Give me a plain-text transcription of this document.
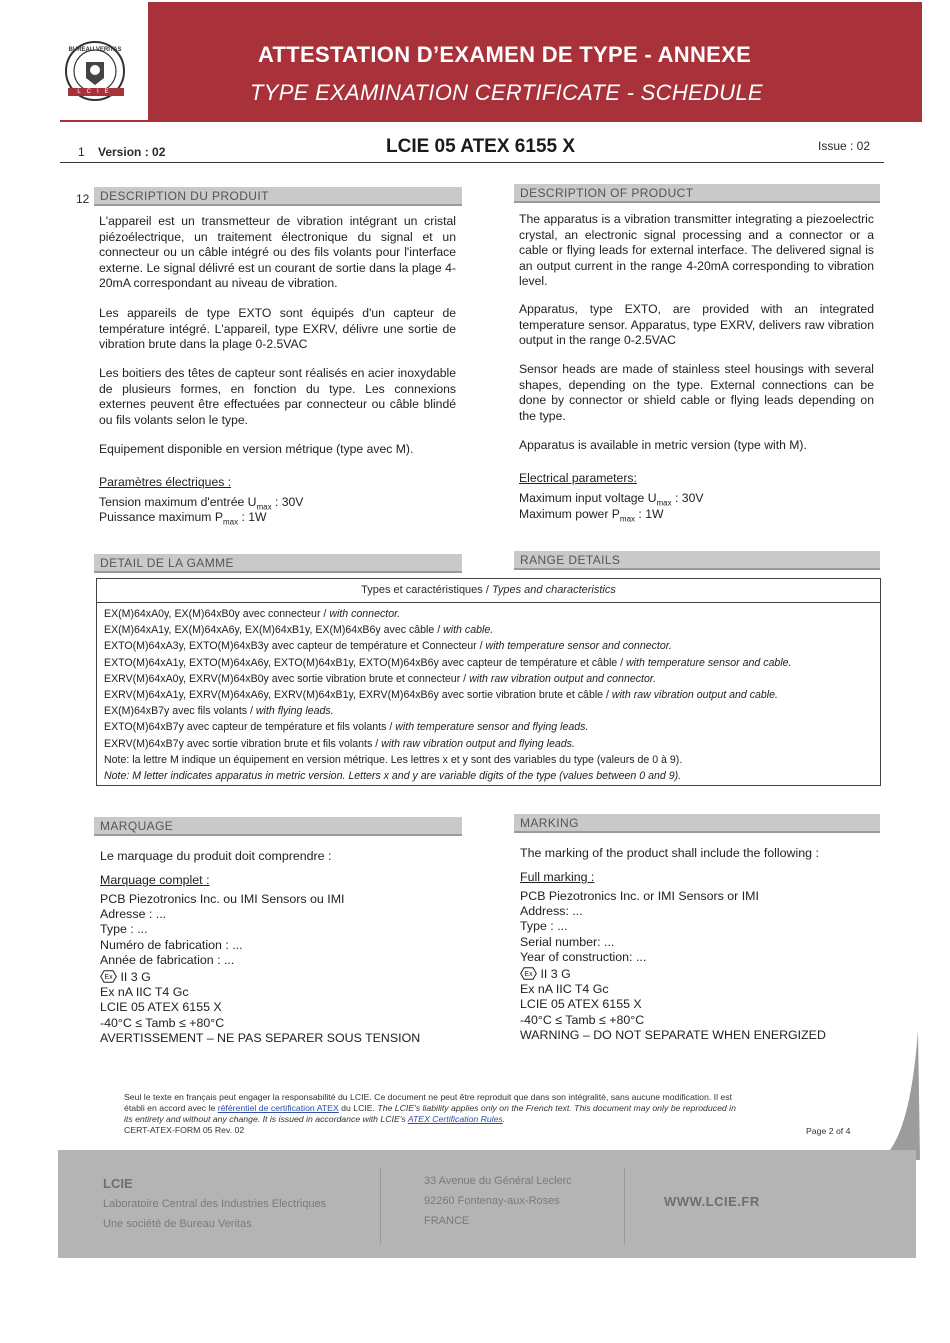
BUREAU VERITAS
LCIE
ATTESTATION D’EXAMEN DE TYPE - ANNEXE
TYPE EXAMINATION CERTIFICATE - SCHEDULE
1 Version : 02	LCIE 05 ATEX 6155 X	Issue : 02
12 DESCRIPTION DU PRODUIT	DESCRIPTION OF PRODUCT
L'appareil est un transmetteur de vibration intégrant un cristal piézoélectrique, un traitement électronique du signal et un connecteur ou un câble intégré ou des fils volants pour l'interface externe. Le signal délivré est un courant de sortie dans la plage 4-20mA correspondant au niveau de vibration.
Les appareils de type EXTO sont équipés d'un capteur de température intégré. L'appareil, type EXRV, délivre une sortie de vibration brute dans la plage 0-2.5VAC
Les boitiers des têtes de capteur sont réalisés en acier inoxydable de plusieurs formes, en fonction du type. Les connexions externes peuvent être effectuées par connecteur ou câble blindé ou fils volants selon le type.
Equipement disponible en version métrique (type avec M).
Paramètres électriques :
Tension maximum d'entrée $U_{max}$ : 30V
Puissance maximum $P_{max}$ : 1W
The apparatus is a vibration transmitter integrating a piezoelectric crystal, an electronic signal processing and a connector or a cable or flying leads for external interface. The delivered signal is an output current in the range 4-20mA corresponding to vibration level.
Apparatus, type EXTO, are provided with an integrated temperature sensor. Apparatus, type EXRV, delivers raw vibration output in the range 0-2.5VAC
Sensor heads are made of stainless steel housings with several shapes, depending on the type. External connections can be done by connector or shield cable or flying leads depending on the type.
Apparatus is available in metric version (type with M).
Electrical parameters:
Maximum input voltage $U_{max}$ : 30V
Maximum power $P_{max}$ : 1W
DETAIL DE LA GAMME	RANGE DETAILS
Types et caractéristiques / Types and characteristics
EX(M)64xA0y, EX(M)64xB0y avec connecteur / with connector.
EX(M)64xA1y, EX(M)64xA6y, EX(M)64xB1y, EX(M)64xB6y avec câble / with cable.
EXTO(M)64xA3y, EXTO(M)64xB3y avec capteur de température et Connecteur / with temperature sensor and connector.
EXTO(M)64xA1y, EXTO(M)64xA6y, EXTO(M)64xB1y, EXTO(M)64xB6y avec capteur de température et câble / with temperature sensor and cable.
EXRV(M)64xA0y, EXRV(M)64xB0y avec sortie vibration brute et connecteur / with raw vibration output and connector.
EXRV(M)64xA1y, EXRV(M)64xA6y, EXRV(M)64xB1y, EXRV(M)64xB6y avec sortie vibration brute et câble / with raw vibration output and cable.
EX(M)64xB7y avec fils volants / with flying leads.
EXTO(M)64xB7y avec capteur de température et fils volants / with temperature sensor and flying leads.
EXRV(M)64xB7y avec sortie vibration brute et fils volants / with raw vibration output and flying leads.
Note: la lettre M indique un équipement en version métrique. Les lettres x et y sont des variables du type (valeurs de 0 à 9).
Note: M letter indicates apparatus in metric version. Letters x and y are variable digits of the type (values between 0 and 9).
MARQUAGE	MARKING
Le marquage du produit doit comprendre :
Marquage complet :
PCB Piezotronics Inc. ou IMI Sensors ou IMI
Adresse : ...
Type : ...
Numéro de fabrication : ...
Année de fabrication : ...
Ex II 3 G
Ex nA IIC T4 Gc
LCIE 05 ATEX 6155 X
-40°C ≤ Tamb ≤ +80°C
AVERTISSEMENT – NE PAS SEPARER SOUS TENSION
The marking of the product shall include the following :
Full marking :
PCB Piezotronics Inc. or IMI Sensors or IMI
Address: ...
Type : ...
Serial number: ...
Year of construction: ...
Ex II 3 G
Ex nA IIC T4 Gc
LCIE 05 ATEX 6155 X
-40°C ≤ Tamb ≤ +80°C
WARNING – DO NOT SEPARATE WHEN ENERGIZED
Seul le texte en français peut engager la responsabilité du LCIE. Ce document ne peut être reproduit que dans son intégralité, sans aucune modification. Il est
établi en accord avec le référentiel de certification ATEX du LCIE. The LCIE's liability applies only on the French text. This document may only be reproduced in
its entirety and without any change. It is issued in accordance with LCIE's ATEX Certification Rules.
CERT-ATEX-FORM 05 Rev. 02	Page 2 of 4
LCIE
Laboratoire Central des Industries Electriques
Une société de Bureau Veritas
33 Avenue du Général Leclerc
92260 Fontenay-aux-Roses
FRANCE
WWW.LCIE.FR
